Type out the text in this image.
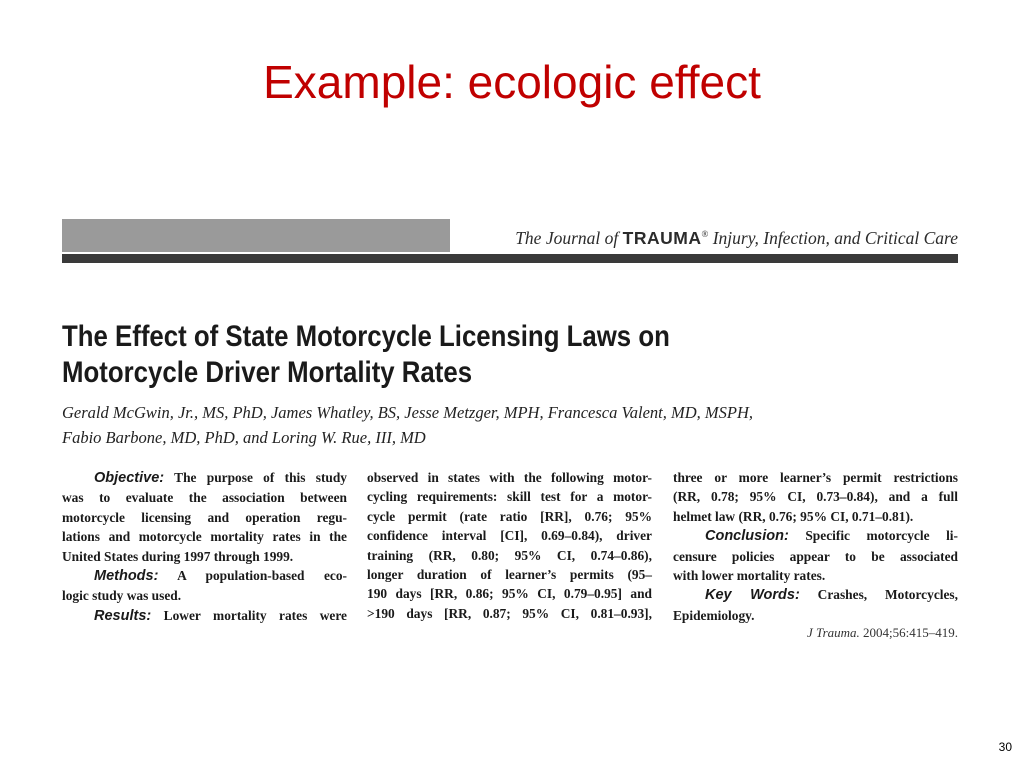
Example: ecologic effect
The Journal of TRAUMA® Injury, Infection, and Critical Care
The Effect of State Motorcycle Licensing Laws on
Motorcycle Driver Mortality Rates
Gerald McGwin, Jr., MS, PhD, James Whatley, BS, Jesse Metzger, MPH, Francesca Valent, MD, MSPH,
Fabio Barbone, MD, PhD, and Loring W. Rue, III, MD
Objective: The purpose of this study
was to evaluate the association between
motorcycle licensing and operation regu-
lations and motorcycle mortality rates in the
United States during 1997 through 1999.
Methods: A population-based eco-
logic study was used.
Results: Lower mortality rates were
observed in states with the following motor-
cycling requirements: skill test for a motor-
cycle permit (rate ratio [RR], 0.76; 95%
confidence interval [CI], 0.69–0.84), driver
training (RR, 0.80; 95% CI, 0.74–0.86),
longer duration of learner’s permits (95–
190 days [RR, 0.86; 95% CI, 0.79–0.95] and
>190 days [RR, 0.87; 95% CI, 0.81–0.93],
three or more learner’s permit restrictions
(RR, 0.78; 95% CI, 0.73–0.84), and a full
helmet law (RR, 0.76; 95% CI, 0.71–0.81).
Conclusion: Specific motorcycle li-
censure policies appear to be associated
with lower mortality rates.
Key Words: Crashes, Motorcycles,
Epidemiology.
J Trauma. 2004;56:415–419.
30
